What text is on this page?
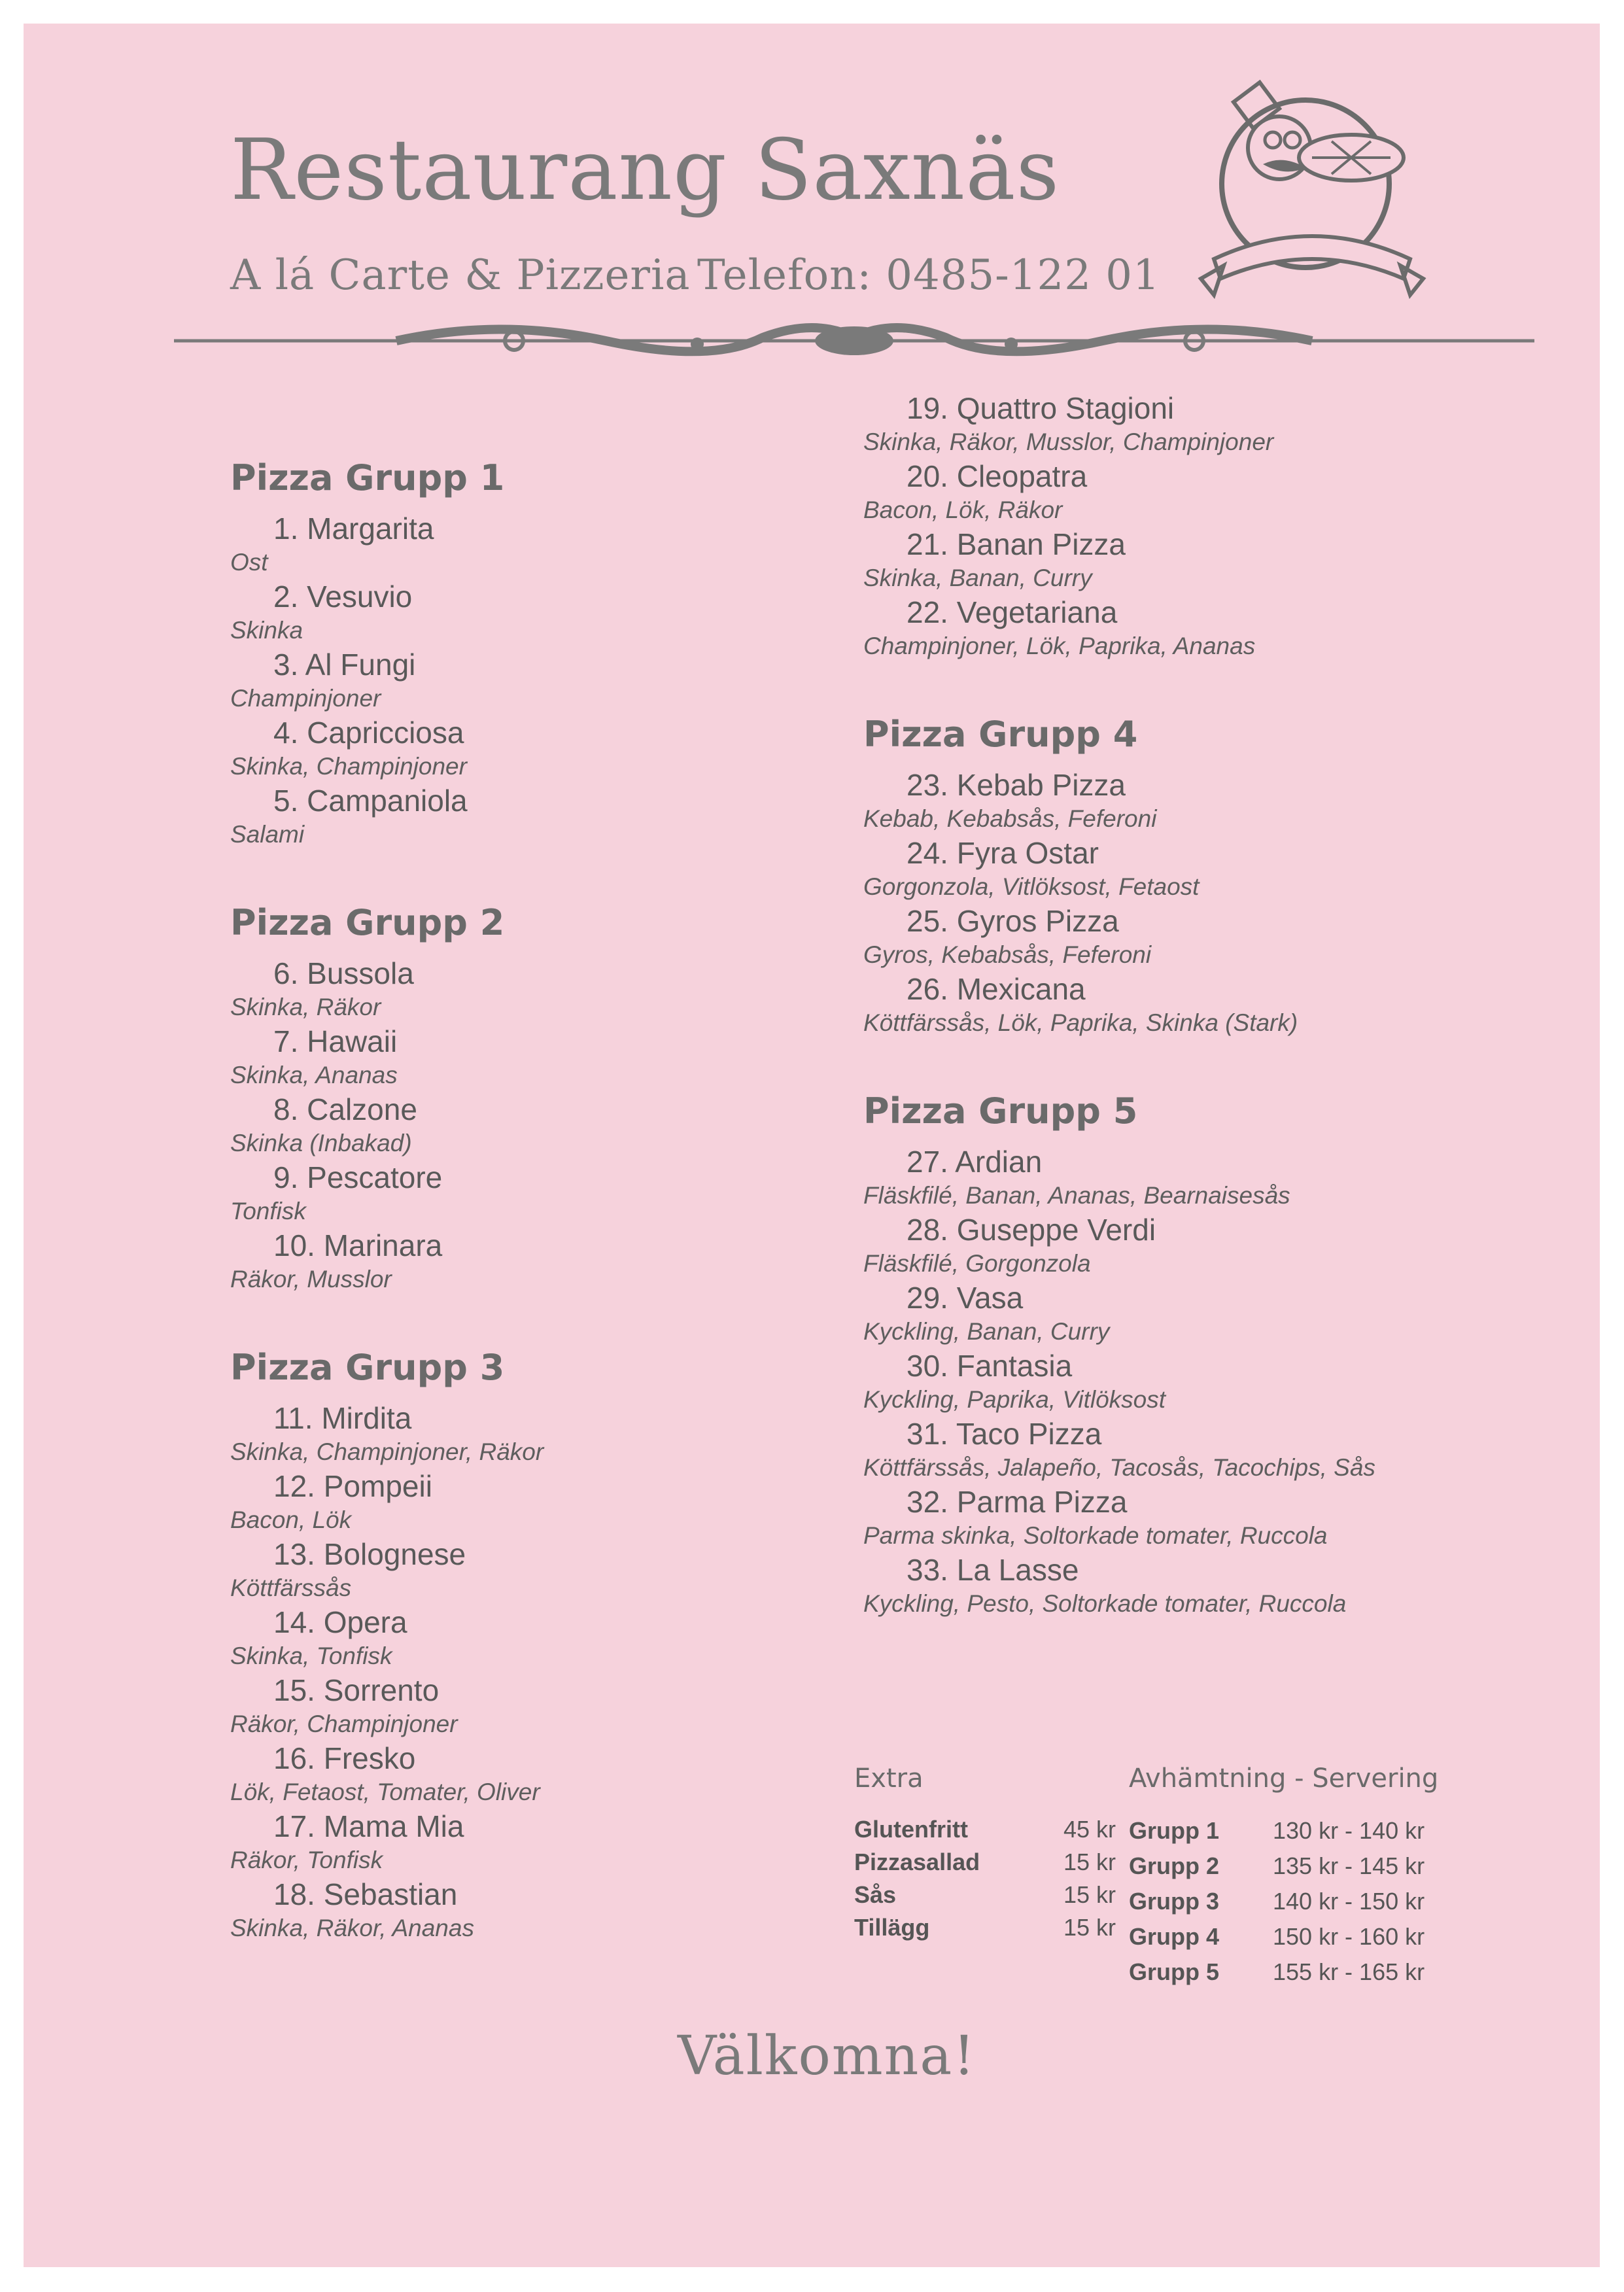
Restaurang Saxnäs
A lá Carte & Pizzeria Telefon: 0485-122 01
Pizza Grupp 1
1. Margarita
Ost
2. Vesuvio
Skinka
3. Al Fungi
Champinjoner
4. Capricciosa
Skinka, Champinjoner
5. Campaniola
Salami
Pizza Grupp 2
6. Bussola
Skinka, Räkor
7. Hawaii
Skinka, Ananas
8. Calzone
Skinka (Inbakad)
9. Pescatore
Tonfisk
10. Marinara
Räkor, Musslor
Pizza Grupp 3
11. Mirdita
Skinka, Champinjoner, Räkor
12. Pompeii
Bacon, Lök
13. Bolognese
Köttfärssås
14. Opera
Skinka, Tonfisk
15. Sorrento
Räkor, Champinjoner
16. Fresko
Lök, Fetaost, Tomater, Oliver
17. Mama Mia
Räkor, Tonfisk
18. Sebastian
Skinka, Räkor, Ananas
19. Quattro Stagioni
Skinka, Räkor, Musslor, Champinjoner
20. Cleopatra
Bacon, Lök, Räkor
21. Banan Pizza
Skinka, Banan, Curry
22. Vegetariana
Champinjoner, Lök, Paprika, Ananas
Pizza Grupp 4
23. Kebab Pizza
Kebab, Kebabsås, Feferoni
24. Fyra Ostar
Gorgonzola, Vitlöksost, Fetaost
25. Gyros Pizza
Gyros, Kebabsås, Feferoni
26. Mexicana
Köttfärssås, Lök, Paprika, Skinka (Stark)
Pizza Grupp 5
27. Ardian
Fläskfilé, Banan, Ananas, Bearnaisesås
28. Guseppe Verdi
Fläskfilé, Gorgonzola
29. Vasa
Kyckling, Banan, Curry
30. Fantasia
Kyckling, Paprika, Vitlöksost
31. Taco Pizza
Köttfärssås, Jalapeño, Tacosås, Tacochips, Sås
32. Parma Pizza
Parma skinka, Soltorkade tomater, Ruccola
33. La Lasse
Kyckling, Pesto, Soltorkade tomater, Ruccola
Extra
Glutenfritt	45 kr
Pizzasallad	15 kr
Sås	15 kr
Tillägg	15 kr
Avhämtning - Servering
Grupp 1	130 kr - 140 kr
Grupp 2	135 kr - 145 kr
Grupp 3	140 kr - 150 kr
Grupp 4	150 kr - 160 kr
Grupp 5	155 kr - 165 kr
Välkomna!
